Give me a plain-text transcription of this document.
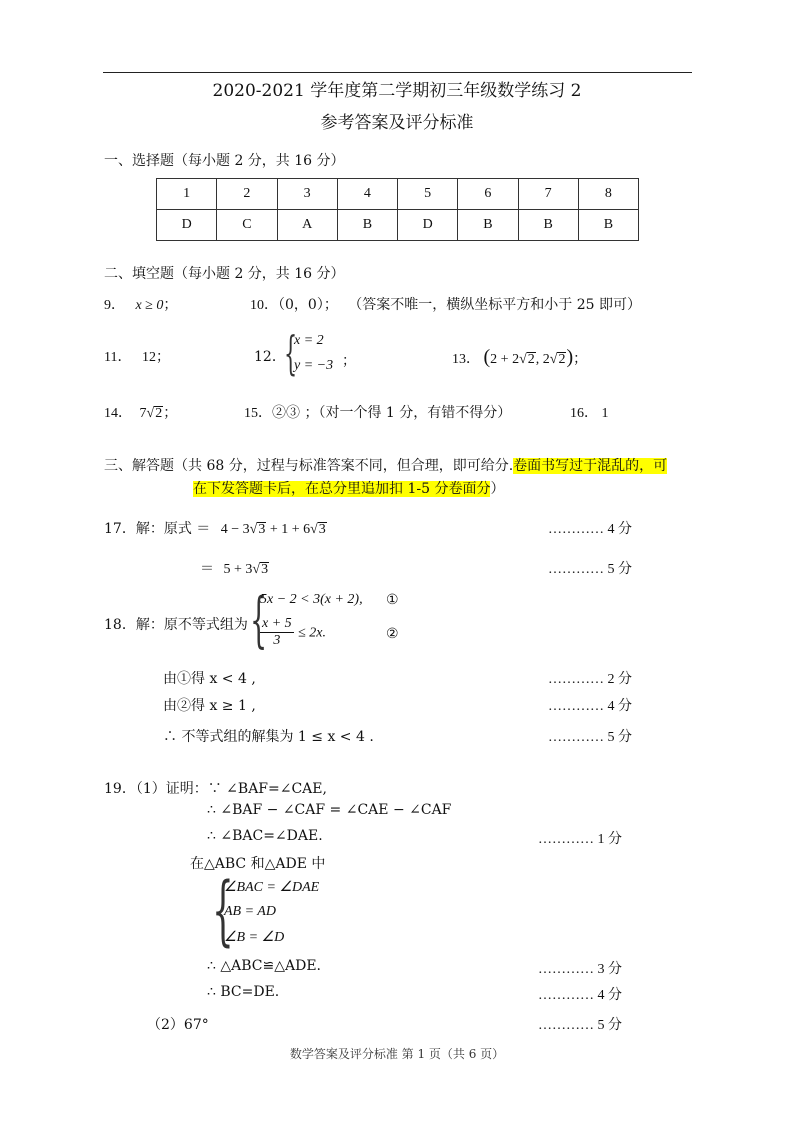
2020-2021 学年度第二学期初三年级数学练习 2
参考答案及评分标准
一、选择题（每小题 2 分，共 16 分）
1	2	3	4	5	6	7	8
D	C	A	B	D	B	B	B
二、填空题（每小题 2 分，共 16 分）
9． x ≥ 0；	10．（0，0）； （答案不唯一，横纵坐标平方和小于 25 即可）
11． 12；	12．
{
x = 2
y = −3 ；	13． (2 + 2√2, 2√2)；
14． 7√2；	15．②③ ；（对一个得 1 分，有错不得分）	16． 1
三、解答题（共 68 分，过程与标准答案不同，但合理，即可给分.卷面书写过于混乱的，可
在下发答题卡后，在总分里追加扣 1-5 分卷面分）
17．解：原式 ＝ 4 − 3√3 + 1 + 6√3	………… 4 分
＝ 5 + 3√3	………… 5 分
18．解：原不等式组为 {
5x − 2 < 3(x + 2), ①
$\frac{x + 5}{3} \le 2x$.	②
由①得 x < 4 ,	………… 2 分
由②得 x ≥ 1 ,	………… 4 分
∴ 不等式组的解集为 1 ≤ x < 4 .	………… 5 分
19．（1）证明：∵ ∠BAF=∠CAE,
∴ ∠BAF − ∠CAF = ∠CAE − ∠CAF
∴ ∠BAC=∠DAE.	………… 1 分
在△ABC 和△ADE 中
{
∠BAC = ∠DAE
AB = AD
∠B = ∠D
∴ △ABC≌△ADE.	………… 3 分
∴ BC=DE.	………… 4 分
（2）67°	………… 5 分
数学答案及评分标准 第 1 页（共 6 页）
